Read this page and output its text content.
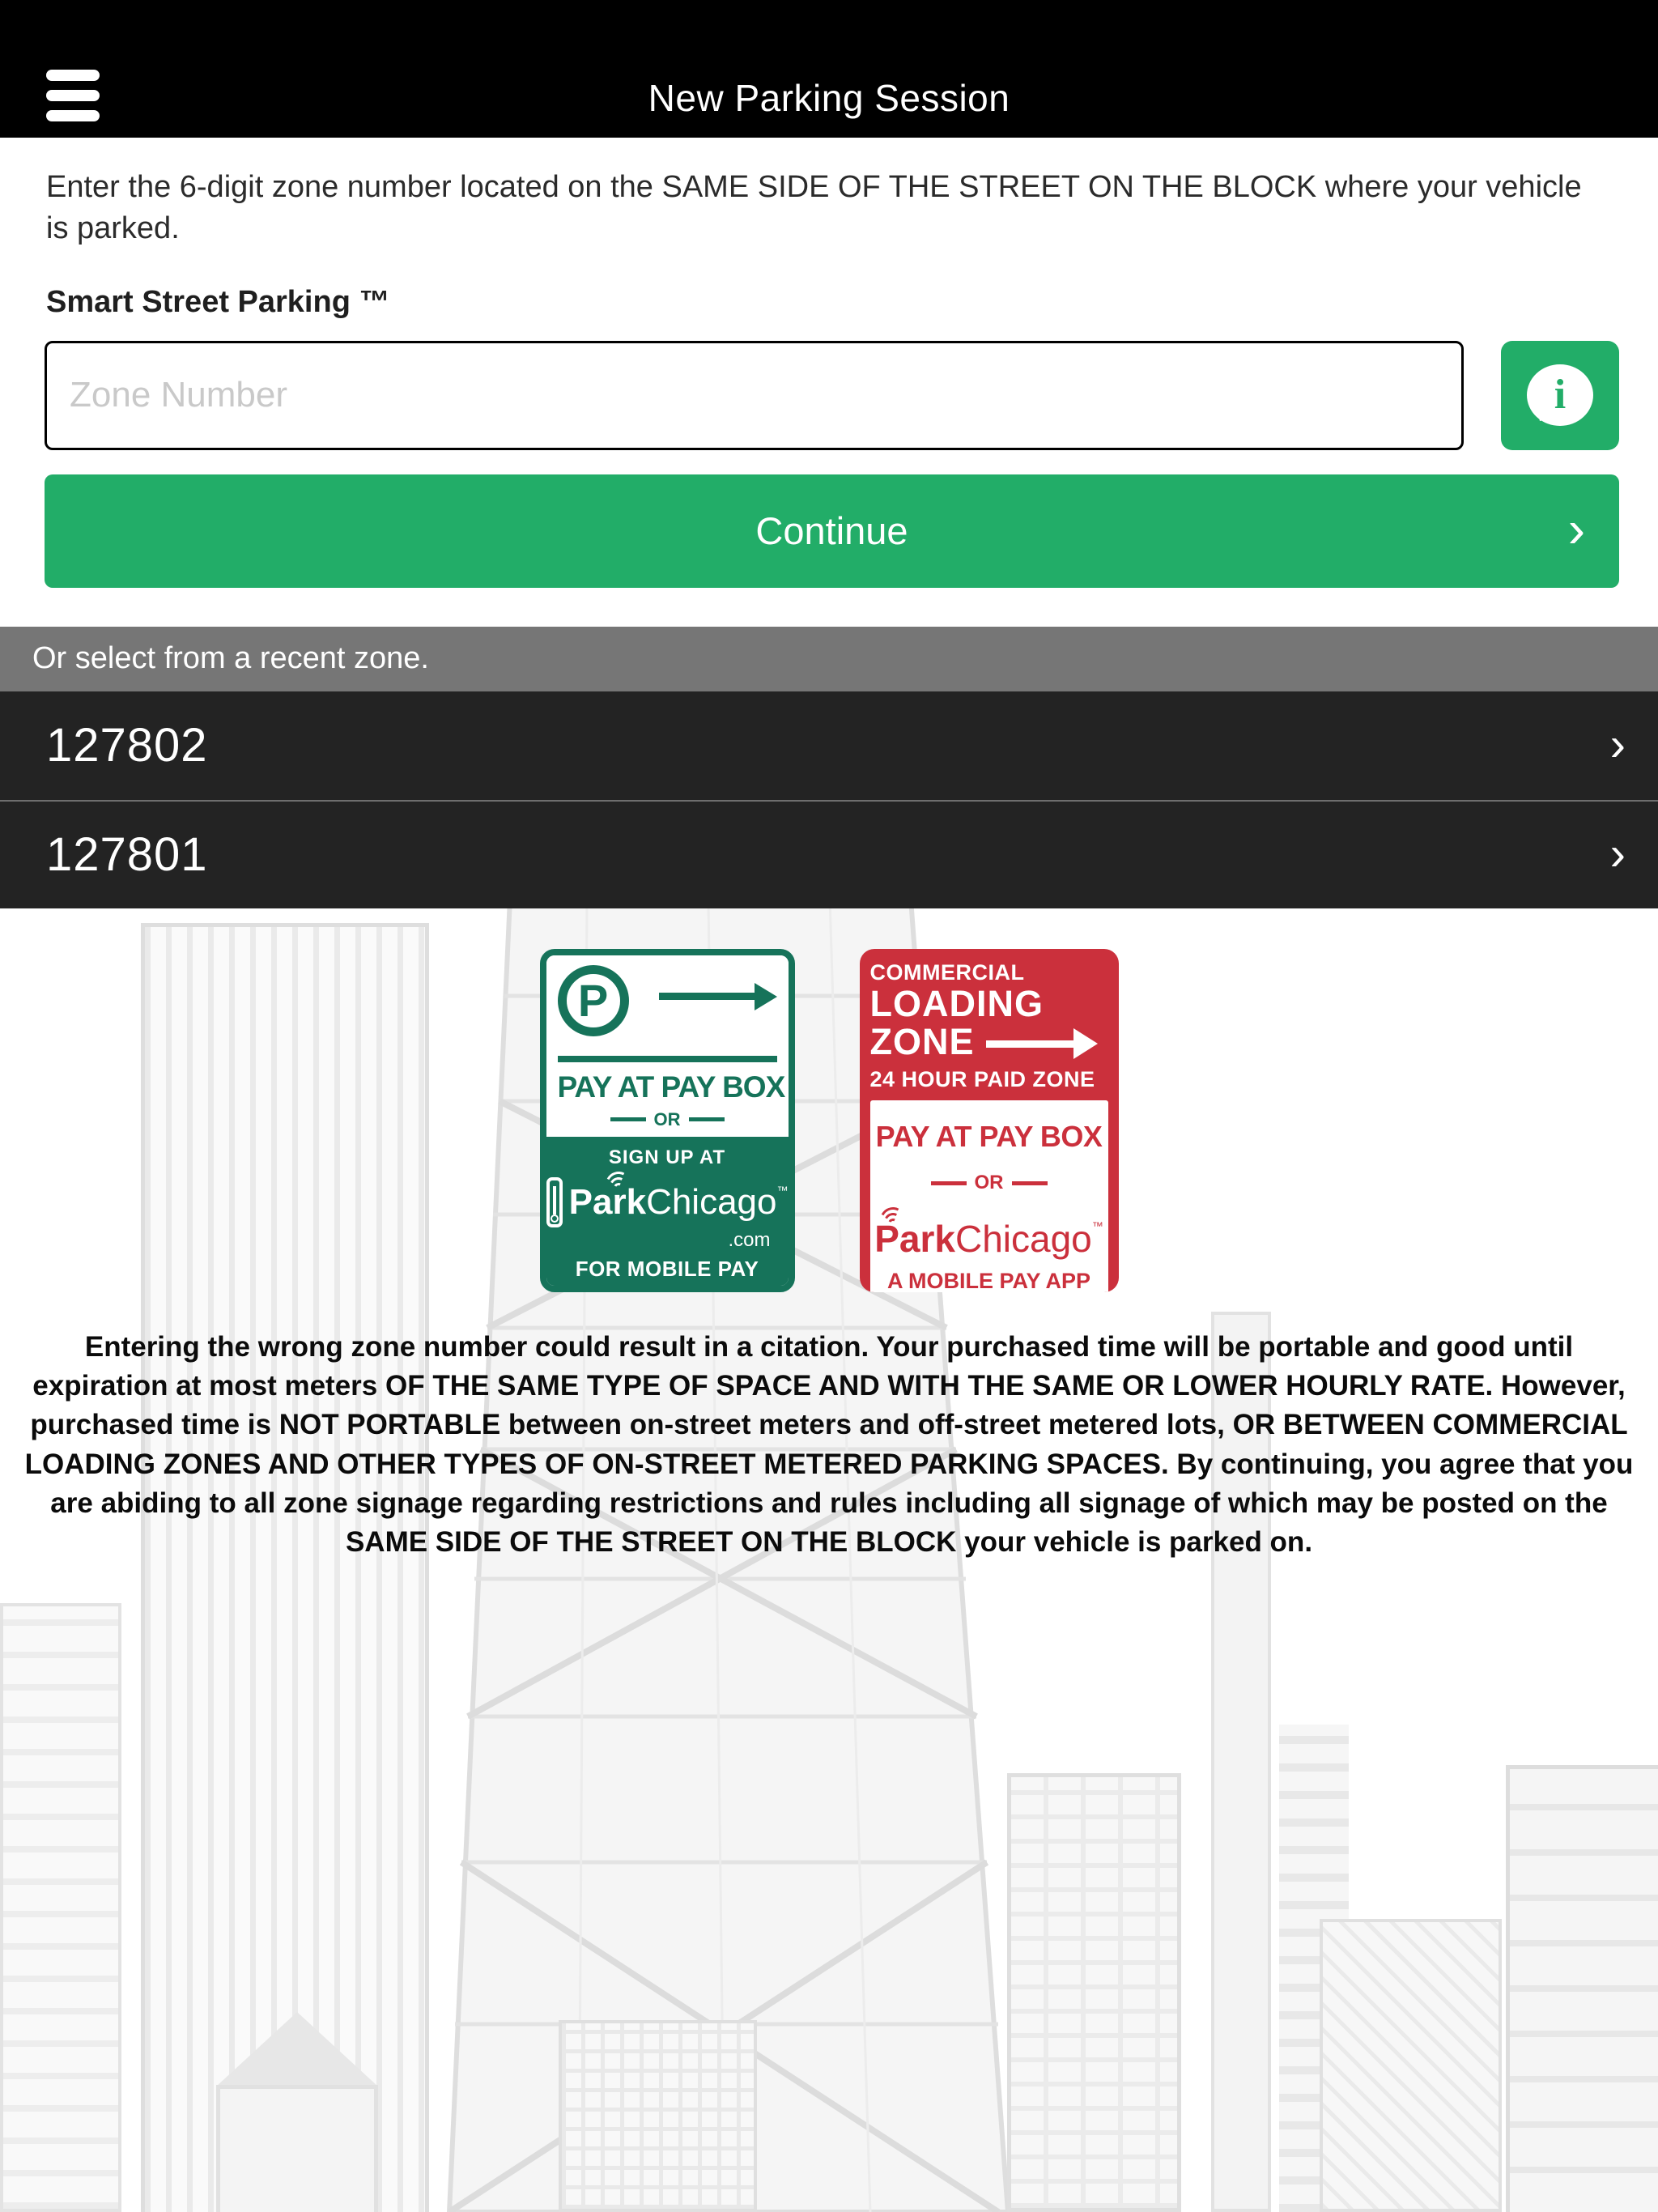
New Parking Session
Enter the 6-digit zone number located on the SAME SIDE OF THE STREET ON THE BLOCK where your vehicle is parked.
Smart Street Parking ™
Zone Number
i
Continue	›
Or select from a recent zone.
127802	›
127801	›
P
PAY AT PAY BOX
OR
SIGN UP AT
ParkChicago™
.com
FOR MOBILE PAY
COMMERCIAL
LOADING
ZONE
24 HOUR PAID ZONE
PAY AT PAY BOX
OR
ParkChicago™
A MOBILE PAY APP
Entering the wrong zone number could result in a citation. Your purchased time will be portable and good until expiration at most meters OF THE SAME TYPE OF SPACE AND WITH THE SAME OR LOWER HOURLY RATE. However, purchased time is NOT PORTABLE between on-street meters and off-street metered lots, OR BETWEEN COMMERCIAL LOADING ZONES AND OTHER TYPES OF ON-STREET METERED PARKING SPACES. By continuing, you agree that you are abiding to all zone signage regarding restrictions and rules including all signage of which may be posted on the SAME SIDE OF THE STREET ON THE BLOCK your vehicle is parked on.
